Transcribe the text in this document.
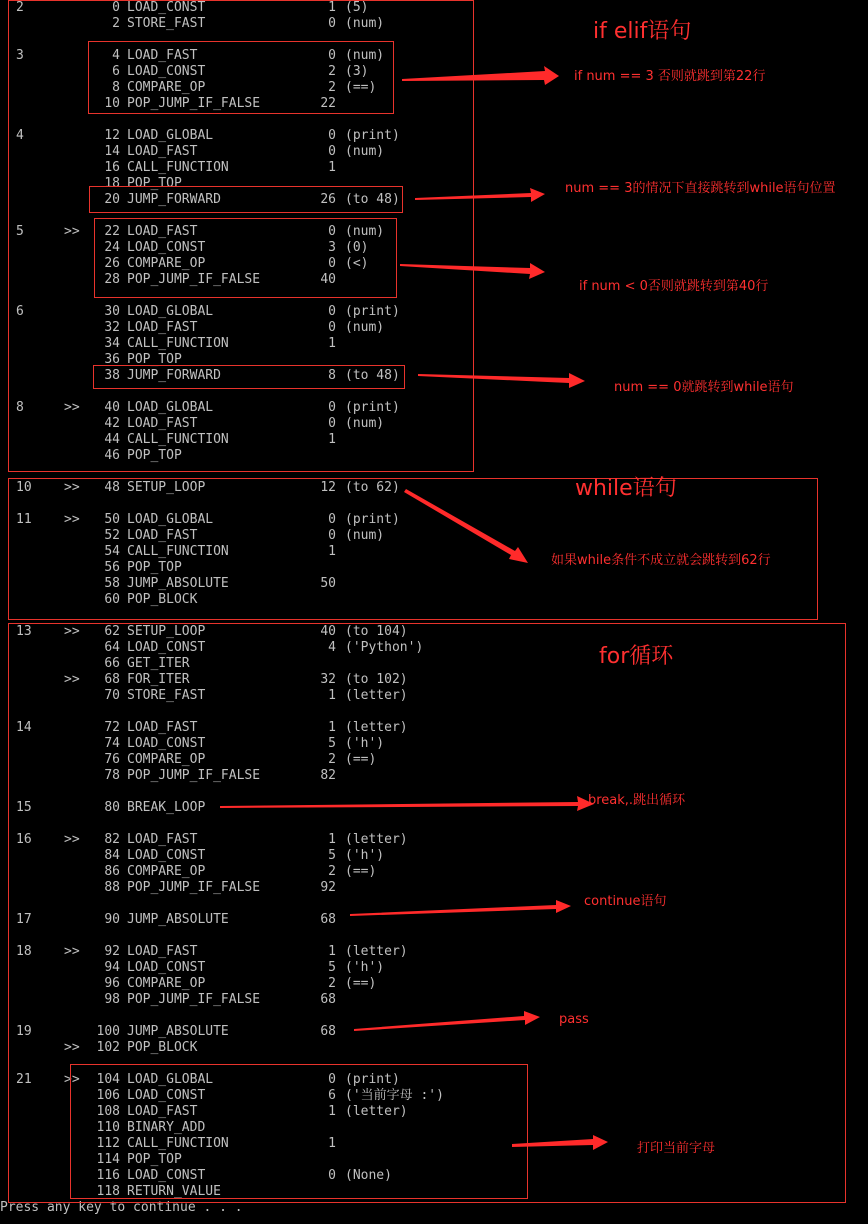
2	0 LOAD_CONST	1 (5)
2 STORE_FAST	0 (num)
3	4 LOAD_FAST	0 (num)
6 LOAD_CONST	2 (3)
8 COMPARE_OP	2 (==)
10 POP_JUMP_IF_FALSE	22
4	12 LOAD_GLOBAL	0 (print)
14 LOAD_FAST	0 (num)
16 CALL_FUNCTION	1
18 POP_TOP
20 JUMP_FORWARD	26 (to 48)
5	>>	22 LOAD_FAST	0 (num)
24 LOAD_CONST	3 (0)
26 COMPARE_OP	0 (<)
28 POP_JUMP_IF_FALSE	40
6	30 LOAD_GLOBAL	0 (print)
32 LOAD_FAST	0 (num)
34 CALL_FUNCTION	1
36 POP_TOP
38 JUMP_FORWARD	8 (to 48)
8	>>	40 LOAD_GLOBAL	0 (print)
42 LOAD_FAST	0 (num)
44 CALL_FUNCTION	1
46 POP_TOP
10 >>	48 SETUP_LOOP	12 (to 62)
11 >>	50 LOAD_GLOBAL	0 (print)
52 LOAD_FAST	0 (num)
54 CALL_FUNCTION	1
56 POP_TOP
58 JUMP_ABSOLUTE	50
60 POP_BLOCK
13 >>	62 SETUP_LOOP	40 (to 104)
64 LOAD_CONST	4 ('Python')
66 GET_ITER
>>	68 FOR_ITER	32 (to 102)
70 STORE_FAST	1 (letter)
14	72 LOAD_FAST	1 (letter)
74 LOAD_CONST	5 ('h')
76 COMPARE_OP	2 (==)
78 POP_JUMP_IF_FALSE	82
15	80 BREAK_LOOP
16 >>	82 LOAD_FAST	1 (letter)
84 LOAD_CONST	5 ('h')
86 COMPARE_OP	2 (==)
88 POP_JUMP_IF_FALSE	92
17	90 JUMP_ABSOLUTE	68
18 >>	92 LOAD_FAST	1 (letter)
94 LOAD_CONST	5 ('h')
96 COMPARE_OP	2 (==)
98 POP_JUMP_IF_FALSE	68
19	100 JUMP_ABSOLUTE	68
>>	102 POP_BLOCK
21 >>	104 LOAD_GLOBAL	0 (print)
106 LOAD_CONST	6 ('当前字母 :')
108 LOAD_FAST	1 (letter)
110 BINARY_ADD
112 CALL_FUNCTION	1
114 POP_TOP
116 LOAD_CONST	0 (None)
118 RETURN_VALUE
Press any key to continue . . .
if elif语句
if num == 3 否则就跳到第22行
num == 3的情况下直接跳转到while语句位置
if num < 0否则就跳转到第40行
num == 0就跳转到while语句
while语句
如果while条件不成立就会跳转到62行
for循环
break,.跳出循环
continue语句
pass
打印当前字母
